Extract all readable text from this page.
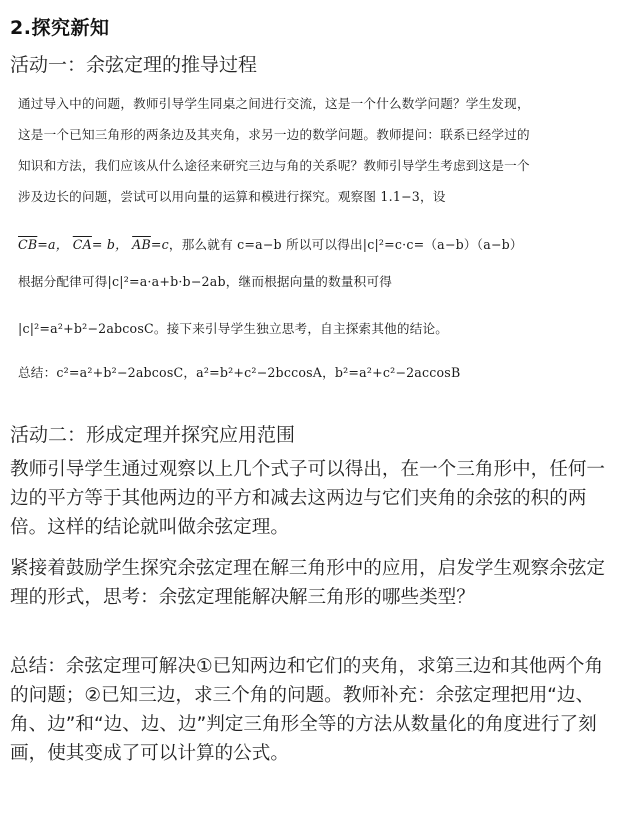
2.探究新知
活动一：余弦定理的推导过程

通过导入中的问题，教师引导学生同桌之间进行交流，这是一个什么数学问题？学生发现，

这是一个已知三角形的两条边及其夹角，求另一边的数学问题。教师提问：联系已经学过的

知识和方法，我们应该从什么途径来研究三边与角的关系呢？教师引导学生考虑到这是一个

涉及边长的问题，尝试可以用向量的运算和模进行探究。观察图 1.1−3，设

$\overline{CB}=a$， $\overline{CA}= b$， $\overline{AB}=c$，那么就有 c=a−b 所以可以得出|c|²=c·c=（a−b）（a−b）

根据分配律可得|c|²=a·a+b·b−2ab，继而根据向量的数量积可得

|c|²=a²+b²−2abcosC。接下来引导学生独立思考，自主探索其他的结论。

总结：c²=a²+b²−2abcosC，a²=b²+c²−2bccosA，b²=a²+c²−2accosB

活动二：形成定理并探究应用范围

教师引导学生通过观察以上几个式子可以得出，在一个三角形中，任何一边的平方等于其他两边的平方和减去这两边与它们夹角的余弦的积的两倍。这样的结论就叫做余弦定理。

紧接着鼓励学生探究余弦定理在解三角形中的应用，启发学生观察余弦定理的形式，思考：余弦定理能解决解三角形的哪些类型？

总结：余弦定理可解决①已知两边和它们的夹角，求第三边和其他两个角的问题；②已知三边，求三个角的问题。教师补充：余弦定理把用“边、角、边”和“边、边、边”判定三角形全等的方法从数量化的角度进行了刻画，使其变成了可以计算的公式。
